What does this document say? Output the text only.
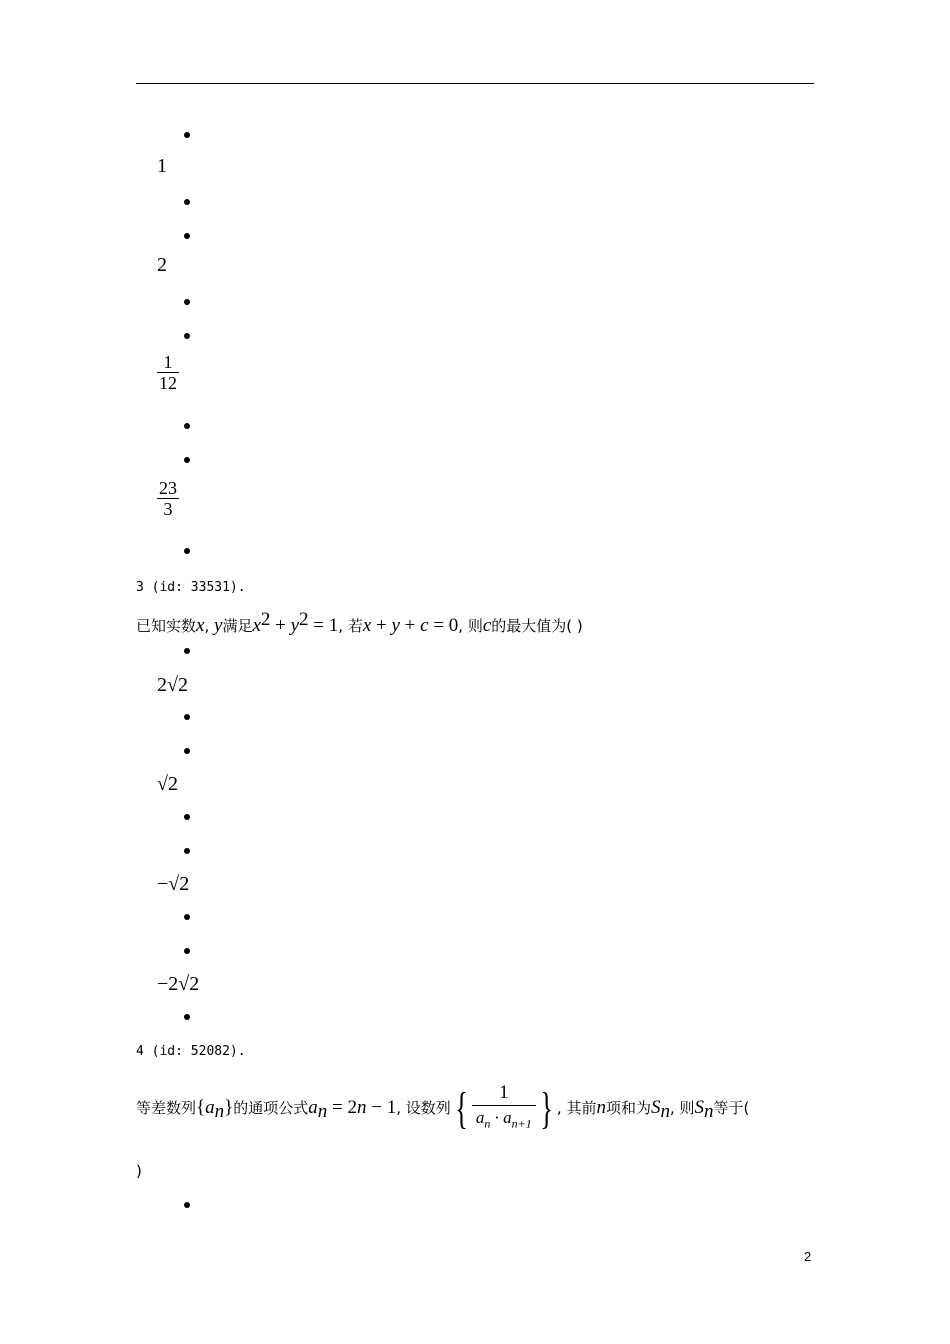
1
2
1
12
23
3
3 (id: 33531).
已知实数x, y满足$x^2 + y^2 = 1$, 若x + y + c = 0, 则c的最大值为( )
2√2
√2
−√2
−2√2
4 (id: 52082).
等差数列$\{a_n\}$的通项公式$a_n = 2n - 1$, 设数列{ $\frac{1}{a_n \cdot a_{n+1}}$ } , 其前n项和为$S_n$, 则$S_n$等于(
)
2
